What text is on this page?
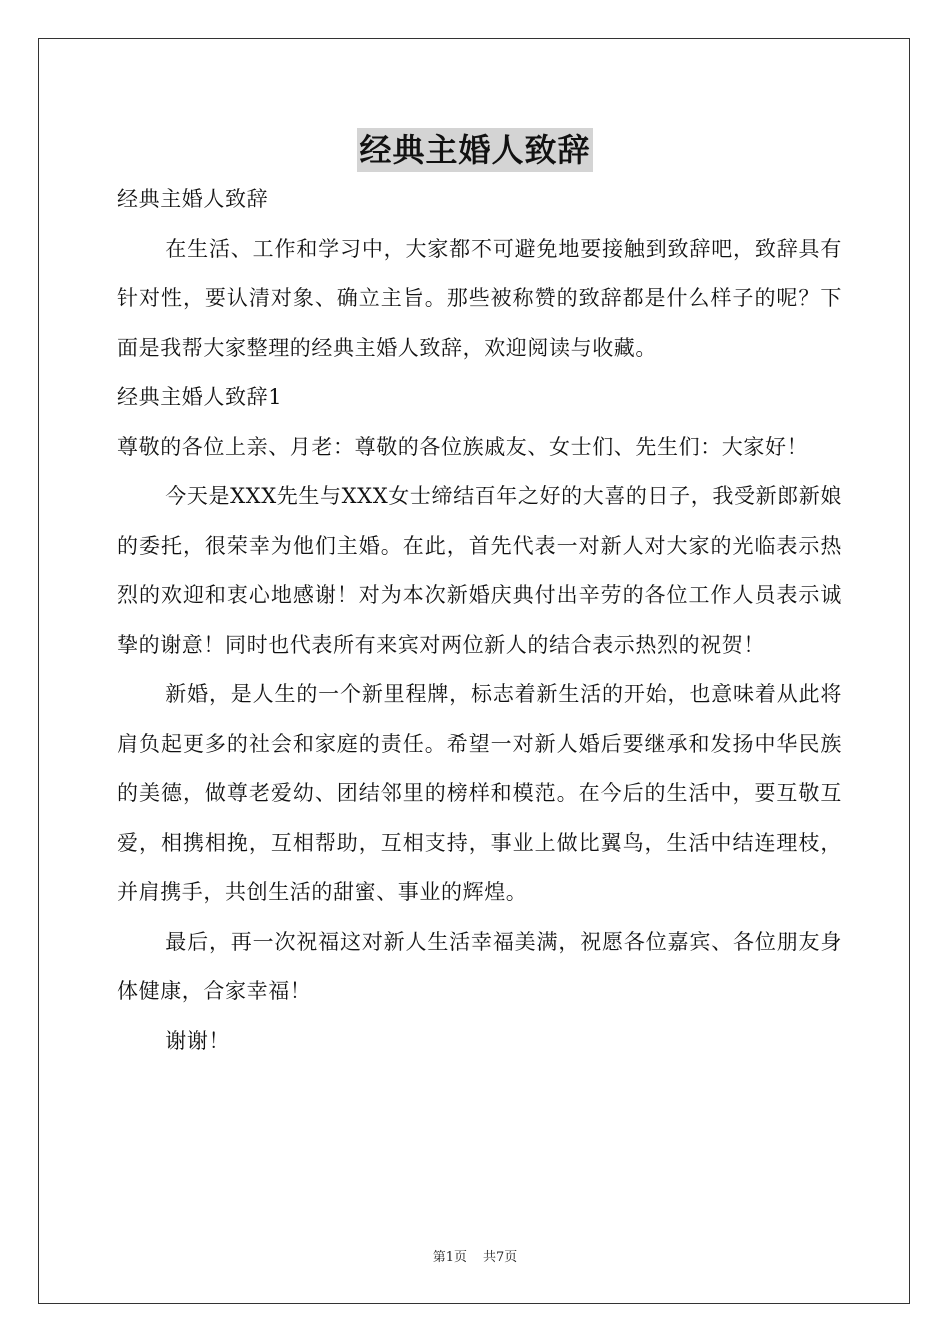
经典主婚人致辞

经典主婚人致辞

在生活、工作和学习中，大家都不可避免地要接触到致辞吧，致辞具有针对性，要认清对象、确立主旨。那些被称赞的致辞都是什么样子的呢？下面是我帮大家整理的经典主婚人致辞，欢迎阅读与收藏。

经典主婚人致辞1

尊敬的各位上亲、月老：尊敬的各位族戚友、女士们、先生们：大家好！

今天是XXX先生与XXX女士缔结百年之好的大喜的日子，我受新郎新娘的委托，很荣幸为他们主婚。在此，首先代表一对新人对大家的光临表示热烈的欢迎和衷心地感谢！对为本次新婚庆典付出辛劳的各位工作人员表示诚挚的谢意！同时也代表所有来宾对两位新人的结合表示热烈的祝贺！

新婚，是人生的一个新里程牌，标志着新生活的开始，也意味着从此将肩负起更多的社会和家庭的责任。希望一对新人婚后要继承和发扬中华民族的美德，做尊老爱幼、团结邻里的榜样和模范。在今后的生活中，要互敬互爱，相携相挽，互相帮助，互相支持，事业上做比翼鸟，生活中结连理枝，并肩携手，共创生活的甜蜜、事业的辉煌。

最后，再一次祝福这对新人生活幸福美满，祝愿各位嘉宾、各位朋友身体健康，合家幸福！

谢谢！

第1页 共7页
